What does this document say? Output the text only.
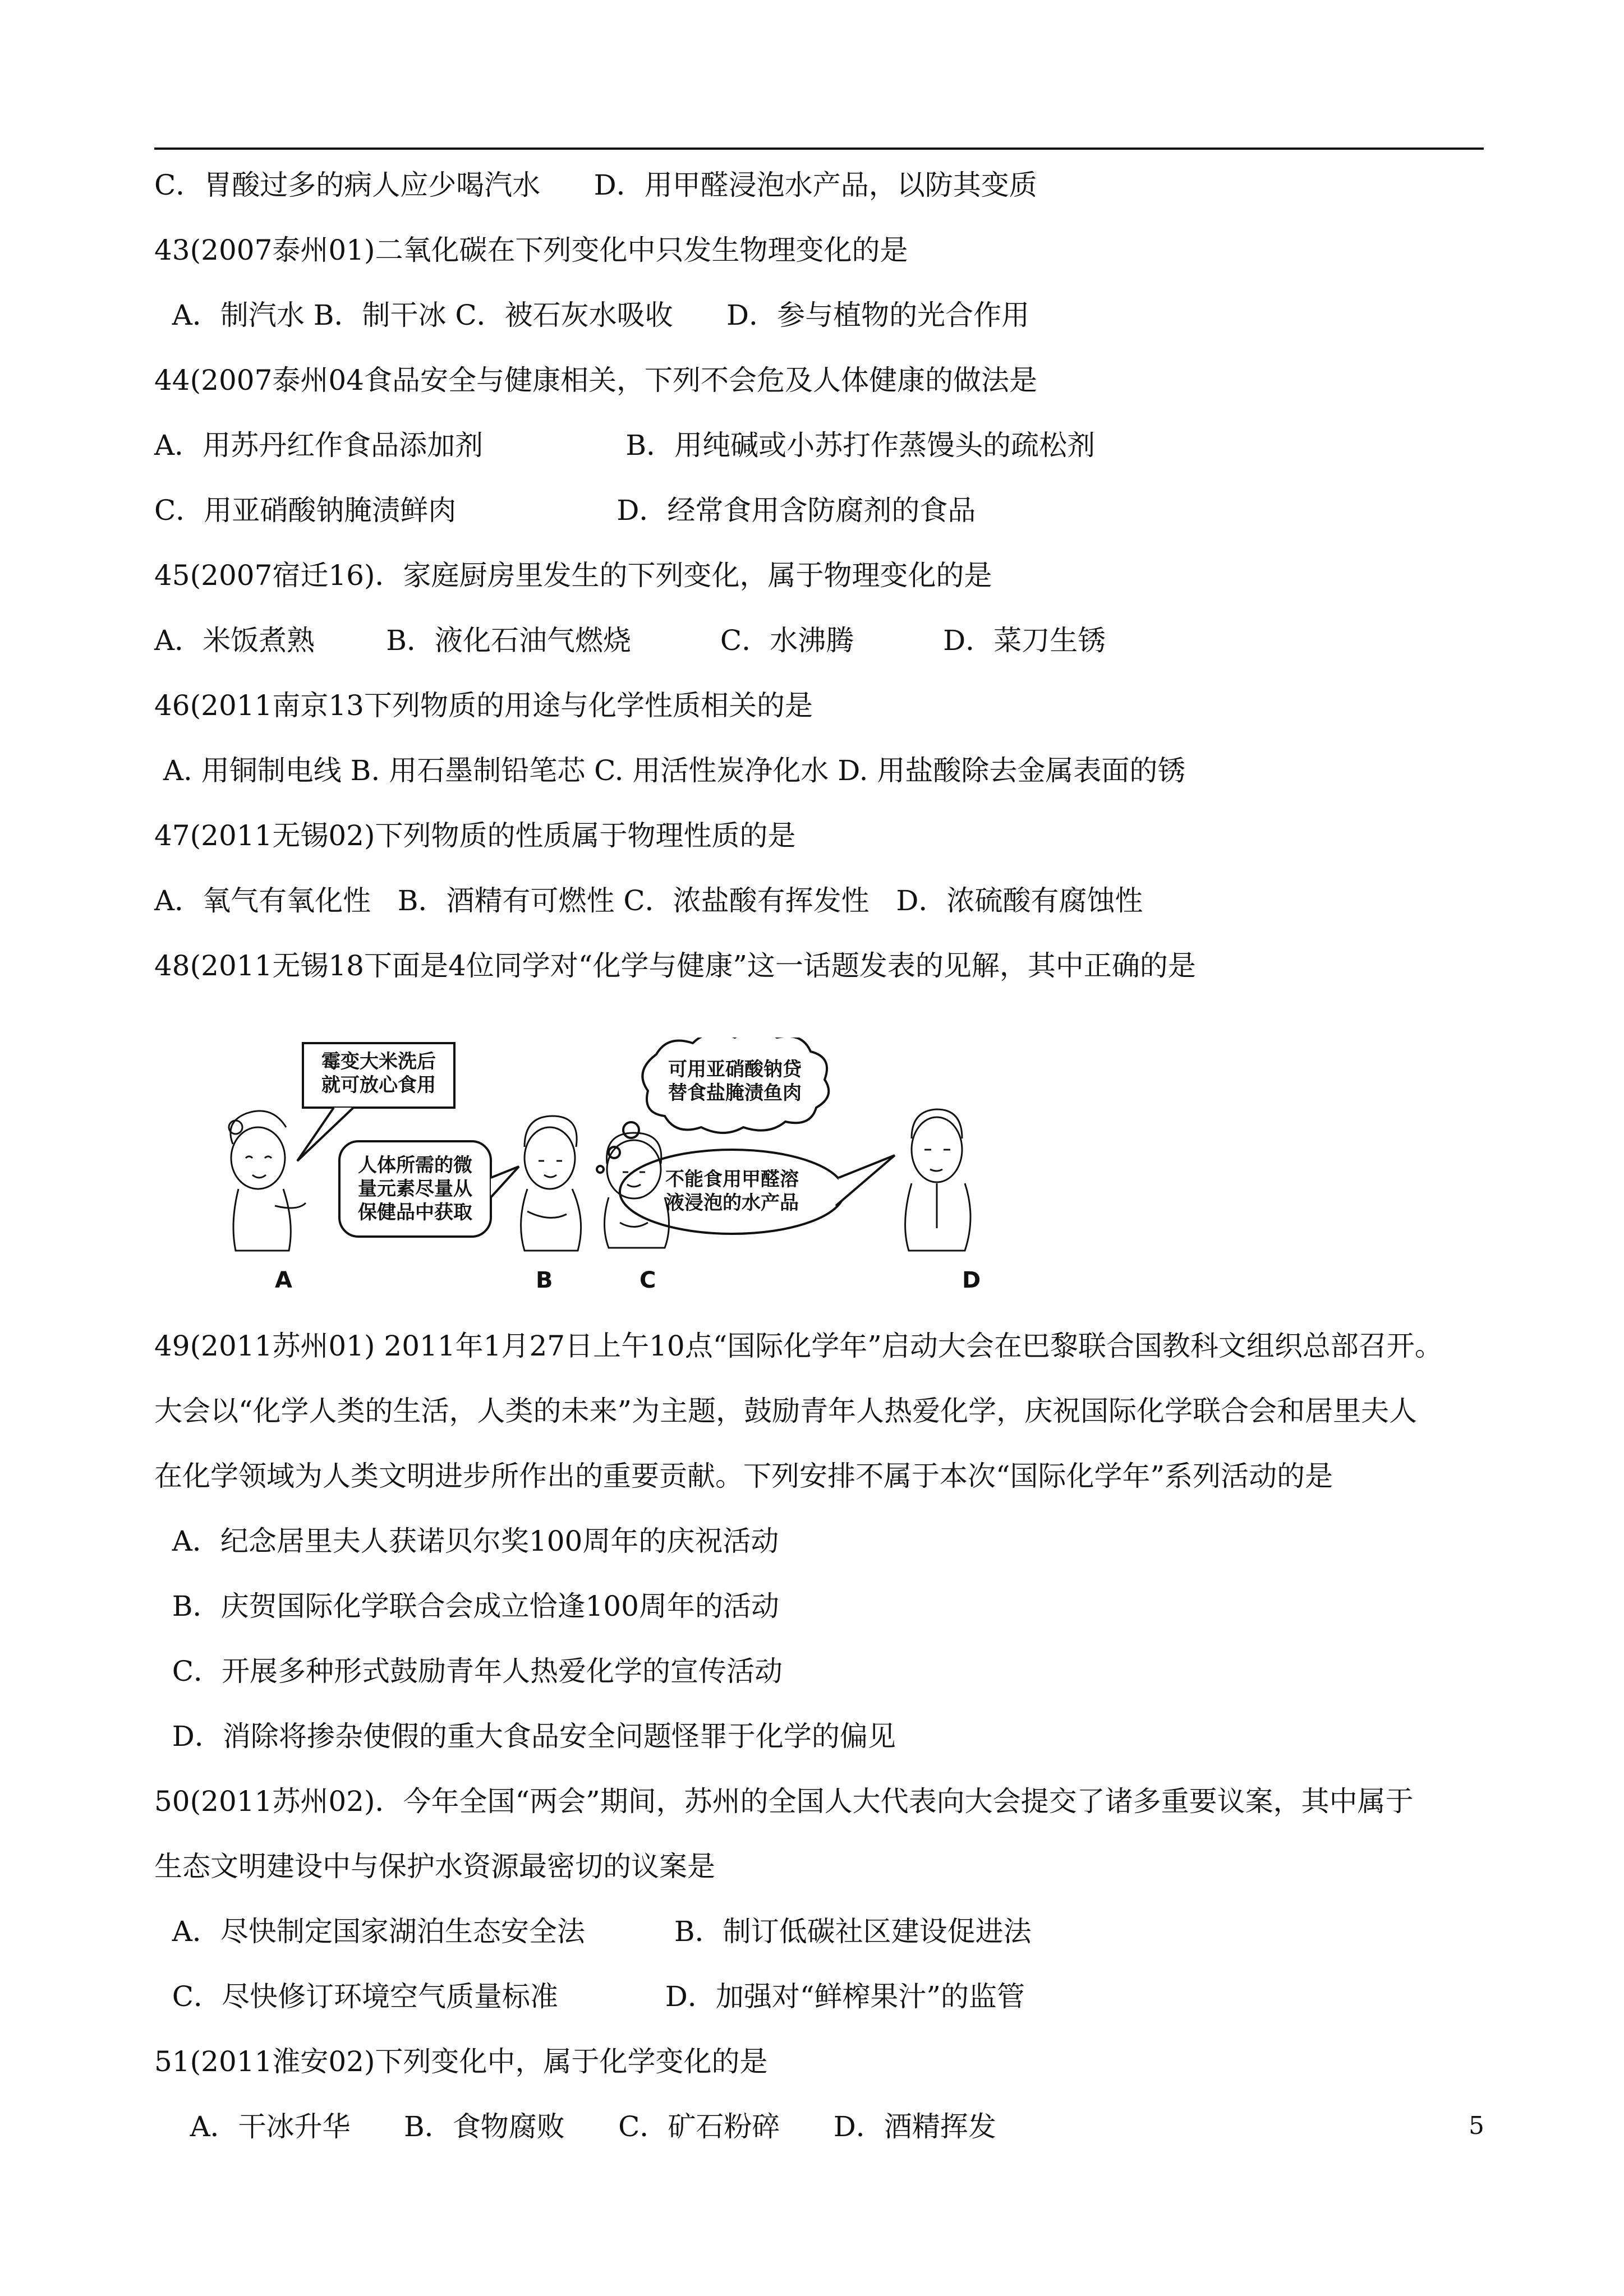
C．胃酸过多的病人应少喝汽水      D．用甲醛浸泡水产品，以防其变质
43(2007泰州01)二氧化碳在下列变化中只发生物理变化的是
A．制汽水 B．制干冰 C．被石灰水吸收      D．参与植物的光合作用
44(2007泰州04食品安全与健康相关，下列不会危及人体健康的做法是
A．用苏丹红作食品添加剂                B．用纯碱或小苏打作蒸馒头的疏松剂
C．用亚硝酸钠腌渍鲜肉                  D．经常食用含防腐剂的食品
45(2007宿迁16)．家庭厨房里发生的下列变化，属于物理变化的是
A．米饭煮熟        B．液化石油气燃烧          C．水沸腾          D．菜刀生锈
46(2011南京13下列物质的用途与化学性质相关的是
A. 用铜制电线 B. 用石墨制铅笔芯 C. 用活性炭净化水 D. 用盐酸除去金属表面的锈
47(2011无锡02)下列物质的性质属于物理性质的是
A．氧气有氧化性   B．酒精有可燃性 C．浓盐酸有挥发性   D．浓硫酸有腐蚀性
48(2011无锡18下面是4位同学对“化学与健康”这一话题发表的见解，其中正确的是
霉变大米洗后
就可放心食用
人体所需的微
量元素尽量从
保健品中获取
可用亚硝酸钠贷
替食盐腌渍鱼肉
不能食用甲醛溶
液浸泡的水产品
A	B	C	D
49(2011苏州01) 2011年1月27日上午10点“国际化学年”启动大会在巴黎联合国教科文组织总部召开。
大会以“化学人类的生活，人类的未来”为主题，鼓励青年人热爱化学，庆祝国际化学联合会和居里夫人
在化学领域为人类文明进步所作出的重要贡献。下列安排不属于本次“国际化学年”系列活动的是
A．纪念居里夫人获诺贝尔奖100周年的庆祝活动
B．庆贺国际化学联合会成立恰逢100周年的活动
C．开展多种形式鼓励青年人热爱化学的宣传活动
D．消除将掺杂使假的重大食品安全问题怪罪于化学的偏见
50(2011苏州02)．今年全国“两会”期间，苏州的全国人大代表向大会提交了诸多重要议案，其中属于
生态文明建设中与保护水资源最密切的议案是
A．尽快制定国家湖泊生态安全法          B．制订低碳社区建设促进法
C．尽快修订环境空气质量标准            D．加强对“鲜榨果汁”的监管
51(2011淮安02)下列变化中，属于化学变化的是
A．干冰升华      B．食物腐败      C．矿石粉碎      D．酒精挥发	5
